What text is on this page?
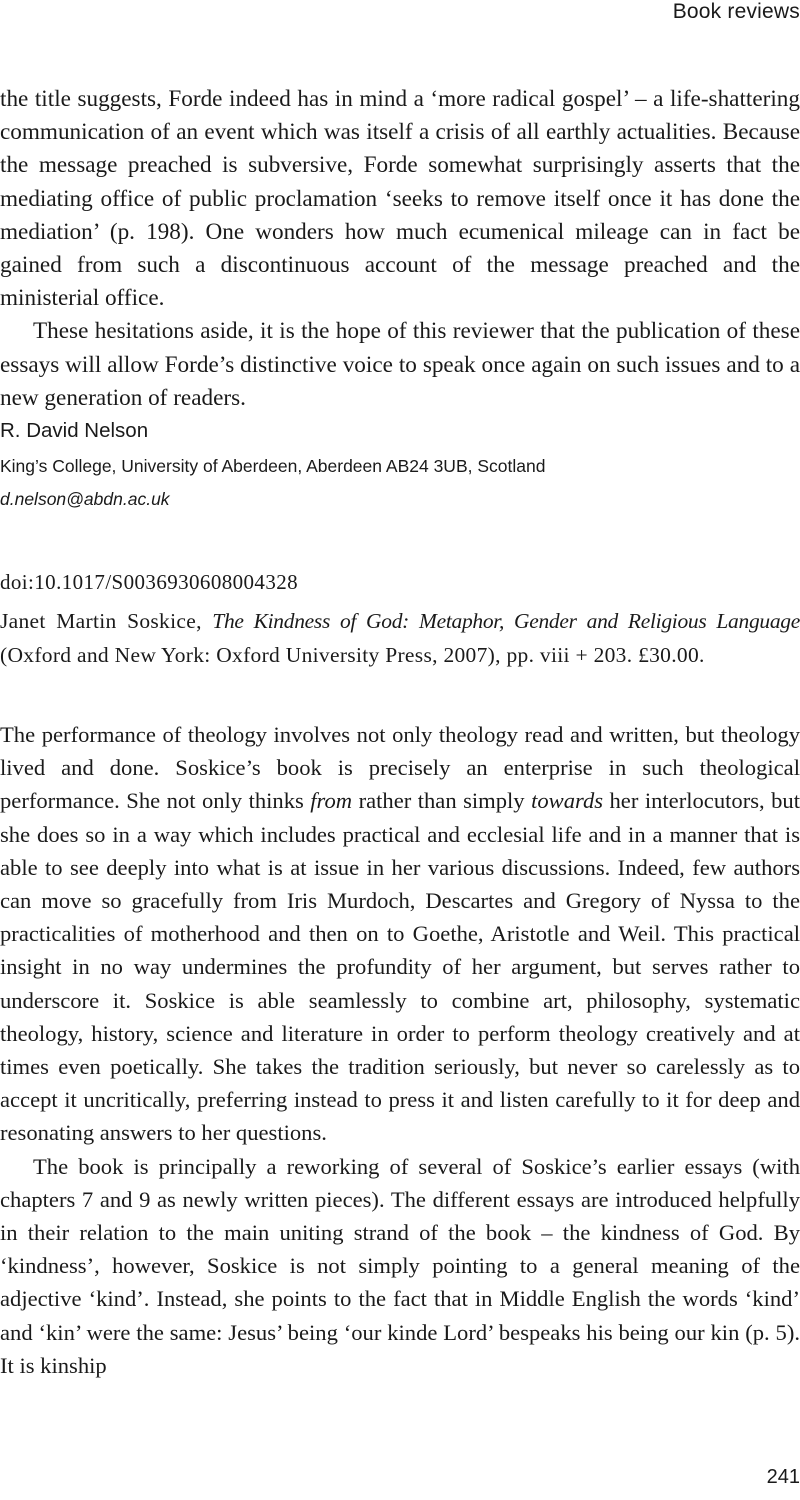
Book reviews

the title suggests, Forde indeed has in mind a ‘more radical gospel’ – a life-shattering communication of an event which was itself a crisis of all earthly actualities. Because the message preached is subversive, Forde somewhat surprisingly asserts that the mediating office of public proclamation ‘seeks to remove itself once it has done the mediation’ (p. 198). One wonders how much ecumenical mileage can in fact be gained from such a discontinuous account of the message preached and the ministerial office.

These hesitations aside, it is the hope of this reviewer that the publication of these essays will allow Forde’s distinctive voice to speak once again on such issues and to a new generation of readers.

R. David Nelson
King’s College, University of Aberdeen, Aberdeen AB24 3UB, Scotland
d.nelson@abdn.ac.uk
doi:10.1017/S0036930608004328

Janet Martin Soskice, The Kindness of God: Metaphor, Gender and Religious Language (Oxford and New York: Oxford University Press, 2007), pp. viii + 203. £30.00.

The performance of theology involves not only theology read and written, but theology lived and done. Soskice’s book is precisely an enterprise in such theological performance. She not only thinks from rather than simply towards her interlocutors, but she does so in a way which includes practical and ecclesial life and in a manner that is able to see deeply into what is at issue in her various discussions. Indeed, few authors can move so gracefully from Iris Murdoch, Descartes and Gregory of Nyssa to the practicalities of motherhood and then on to Goethe, Aristotle and Weil. This practical insight in no way undermines the profundity of her argument, but serves rather to underscore it. Soskice is able seamlessly to combine art, philosophy, systematic theology, history, science and literature in order to perform theology creatively and at times even poetically. She takes the tradition seriously, but never so carelessly as to accept it uncritically, preferring instead to press it and listen carefully to it for deep and resonating answers to her questions.

The book is principally a reworking of several of Soskice’s earlier essays (with chapters 7 and 9 as newly written pieces). The different essays are introduced helpfully in their relation to the main uniting strand of the book – the kindness of God. By ‘kindness’, however, Soskice is not simply pointing to a general meaning of the adjective ‘kind’. Instead, she points to the fact that in Middle English the words ‘kind’ and ‘kin’ were the same: Jesus’ being ‘our kinde Lord’ bespeaks his being our kin (p. 5). It is kinship

241
